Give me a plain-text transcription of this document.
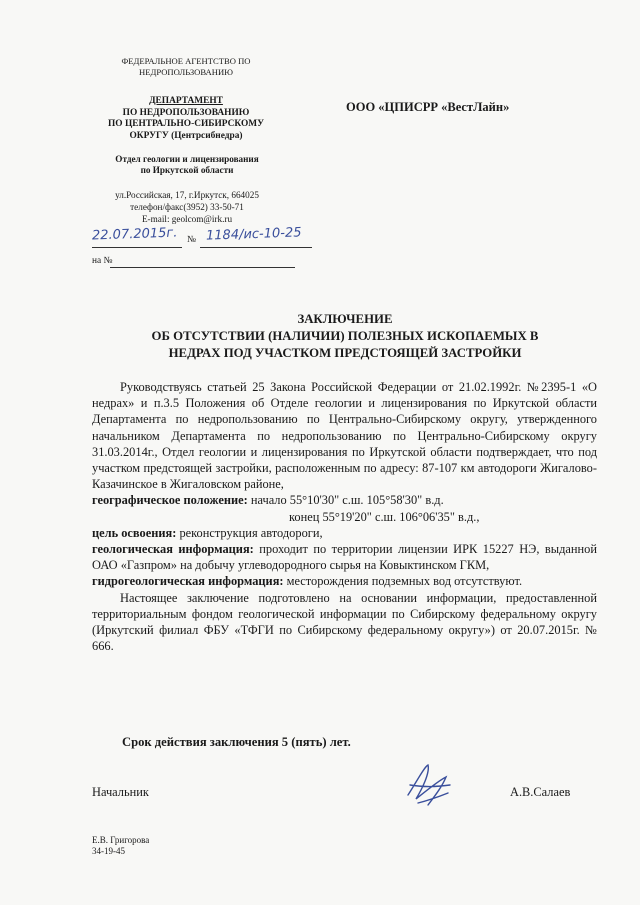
ФЕДЕРАЛЬНОЕ АГЕНТСТВО ПО
НЕДРОПОЛЬЗОВАНИЮ
ДЕПАРТАМЕНТ
ПО НЕДРОПОЛЬЗОВАНИЮ
ПО ЦЕНТРАЛЬНО-СИБИРСКОМУ
ОКРУГУ (Центрсибнедра)
Отдел геологии и лицензирования
по Иркутской области
ул.Российская, 17, г.Иркутск, 664025
телефон/факс(3952) 33-50-71
E-mail: geolcom@irk.ru
ООО «ЦПИСРР «ВестЛайн»
22.07.2015г. № 1184/ис-10-25
на №
ЗАКЛЮЧЕНИЕ
ОБ ОТСУТСТВИИ (НАЛИЧИИ) ПОЛЕЗНЫХ ИСКОПАЕМЫХ В
НЕДРАХ ПОД УЧАСТКОМ ПРЕДСТОЯЩЕЙ ЗАСТРОЙКИ

Руководствуясь статьей 25 Закона Российской Федерации от 21.02.1992г. №2395-1 «О недрах» и п.3.5 Положения об Отделе геологии и лицензирования по Иркутской области Департамента по недропользованию по Центрально-Сибирскому округу, утвержденного начальником Департамента по недропользованию по Центрально-Сибирскому округу 31.03.2014г., Отдел геологии и лицензирования по Иркутской области подтверждает, что под участком предстоящей застройки, расположенным по адресу: 87-107 км автодороги Жигалово-Казачинское в Жигаловском районе,

географическое положение: начало 55°10'30" с.ш. 105°58'30" в.д.

конец 55°19'20" с.ш. 106°06'35" в.д.,

цель освоения: реконструкция автодороги,

геологическая информация: проходит по территории лицензии ИРК 15227 НЭ, выданной ОАО «Газпром» на добычу углеводородного сырья на Ковыктинском ГКМ,

гидрогеологическая информация: месторождения подземных вод отсутствуют.

Настоящее заключение подготовлено на основании информации, предоставленной территориальным фондом геологической информации по Сибирскому федеральному округу (Иркутский филиал ФБУ «ТФГИ по Сибирскому федеральному округу») от 20.07.2015г. № 666.

Срок действия заключения 5 (пять) лет.
Начальник	А.В.Салаев
Е.В. Григорова
34-19-45
